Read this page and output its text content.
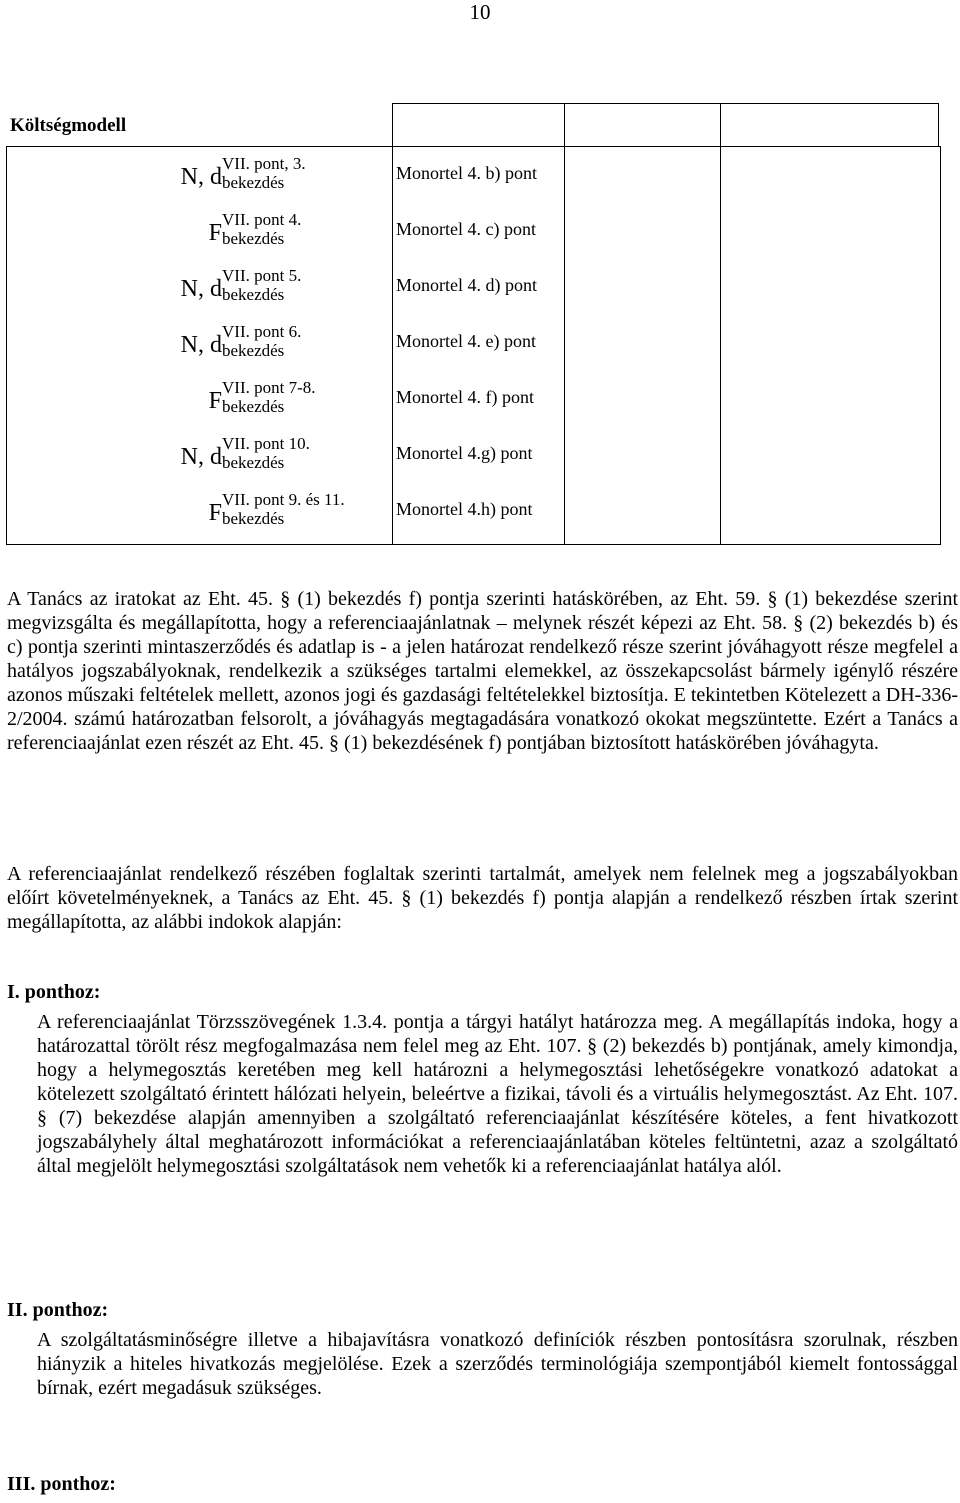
10
Költségmodell
N, d
VII. pont, 3.
bekezdés	Monortel 4. b) pont
F
VII. pont 4.
bekezdés	Monortel 4. c) pont
N, d
VII. pont 5.
bekezdés	Monortel 4. d) pont
N, d
VII. pont 6.
bekezdés	Monortel 4. e) pont
F
VII. pont 7-8.
bekezdés	Monortel 4. f) pont
N, d
VII. pont 10.
bekezdés	Monortel 4.g) pont
F
VII. pont 9. és 11.
bekezdés	Monortel 4.h) pont

A Tanács az iratokat az Eht. 45. § (1) bekezdés f) pontja szerinti hatáskörében, az Eht. 59. § (1) bekezdése szerint megvizsgálta és megállapította, hogy a referenciaajánlatnak – melynek részét képezi az Eht. 58. § (2) bekezdés b) és c) pontja szerinti mintaszerződés és adatlap is - a jelen határozat rendelkező része szerint jóváhagyott része megfelel a hatályos jogszabályoknak, rendelkezik a szükséges tartalmi elemekkel, az összekapcsolást bármely igénylő részére azonos műszaki feltételek mellett, azonos jogi és gazdasági feltételekkel biztosítja. E tekintetben Kötelezett a DH-336-2/2004. számú határozatban felsorolt, a jóváhagyás megtagadására vonatkozó okokat megszüntette. Ezért a Tanács a referenciaajánlat ezen részét az Eht. 45. § (1) bekezdésének f) pontjában biztosított hatáskörében jóváhagyta.

A referenciaajánlat rendelkező részében foglaltak szerinti tartalmát, amelyek nem felelnek meg a jogszabályokban előírt követelményeknek, a Tanács az Eht. 45. § (1) bekezdés f) pontja alapján a rendelkező részben írtak szerint megállapította, az alábbi indokok alapján:

I. ponthoz:

A referenciaajánlat Törzsszövegének 1.3.4. pontja a tárgyi hatályt határozza meg. A megállapítás indoka, hogy a határozattal törölt rész megfogalmazása nem felel meg az Eht. 107. § (2) bekezdés b) pontjának, amely kimondja, hogy a helymegosztás keretében meg kell határozni a helymegosztási lehetőségekre vonatkozó adatokat a kötelezett szolgáltató érintett hálózati helyein, beleértve a fizikai, távoli és a virtuális helymegosztást. Az Eht. 107. § (7) bekezdése alapján amennyiben a szolgáltató referenciaajánlat készítésére köteles, a fent hivatkozott jogszabályhely által meghatározott információkat a referenciaajánlatában köteles feltüntetni, azaz a szolgáltató által megjelölt helymegosztási szolgáltatások nem vehetők ki a referenciaajánlat hatálya alól.

II. ponthoz:

A szolgáltatásminőségre illetve a hibajavításra vonatkozó definíciók részben pontosításra szorulnak, részben hiányzik a hiteles hivatkozás megjelölése. Ezek a szerződés terminológiája szempontjából kiemelt fontossággal bírnak, ezért megadásuk szükséges.

III. ponthoz:
